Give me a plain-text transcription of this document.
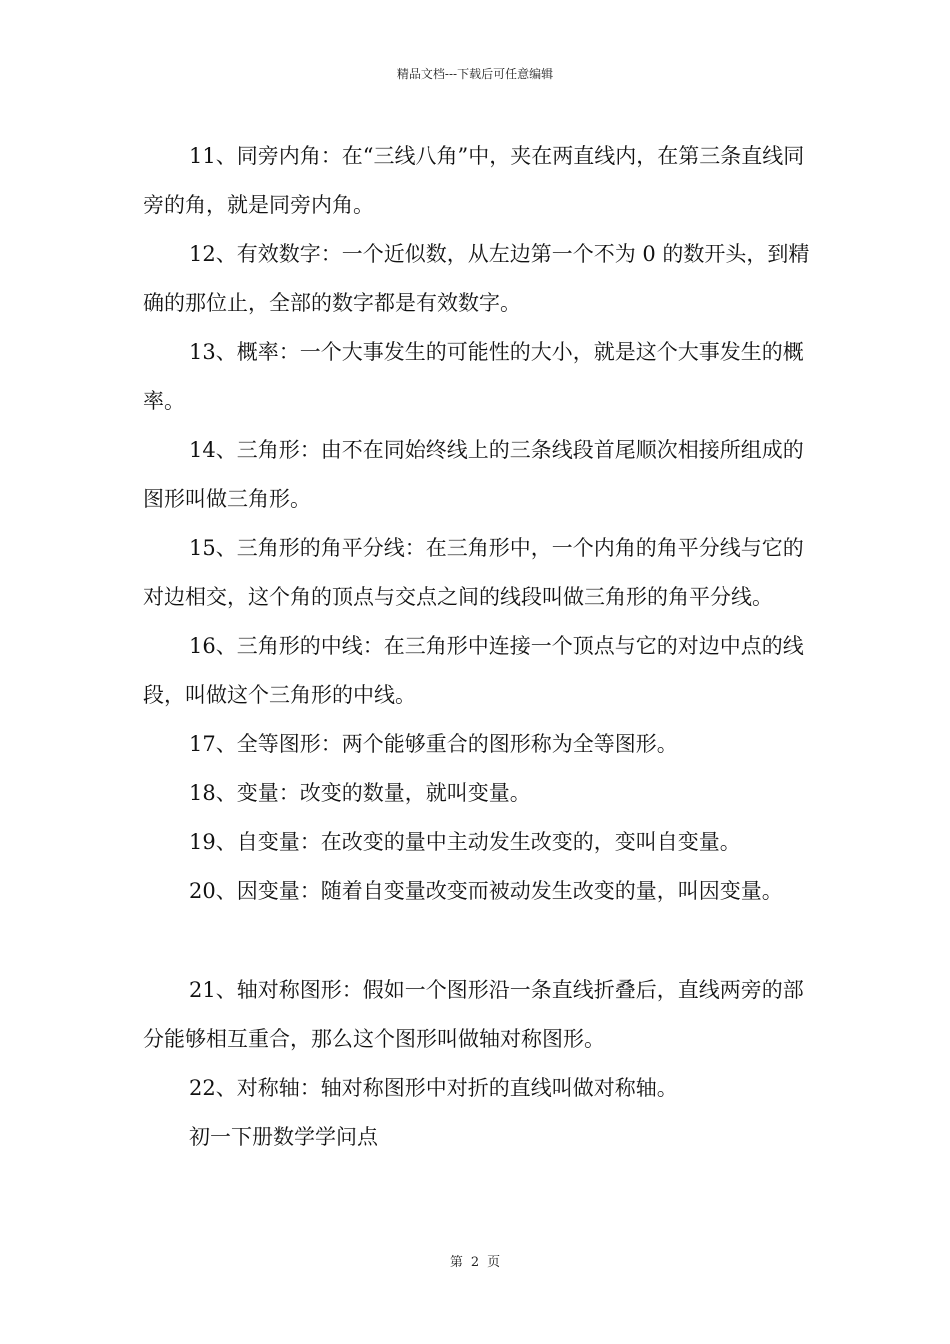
精品文档---下载后可任意编辑

11、同旁内角：在“三线八角”中，夹在两直线内，在第三条直线同旁的角，就是同旁内角。

12、有效数字：一个近似数，从左边第一个不为 0 的数开头，到精确的那位止，全部的数字都是有效数字。

13、概率：一个大事发生的可能性的大小，就是这个大事发生的概率。

14、三角形：由不在同始终线上的三条线段首尾顺次相接所组成的图形叫做三角形。

15、三角形的角平分线：在三角形中，一个内角的角平分线与它的对边相交，这个角的顶点与交点之间的线段叫做三角形的角平分线。

16、三角形的中线：在三角形中连接一个顶点与它的对边中点的线段，叫做这个三角形的中线。

17、全等图形：两个能够重合的图形称为全等图形。

18、变量：改变的数量，就叫变量。

19、自变量：在改变的量中主动发生改变的，变叫自变量。

20、因变量：随着自变量改变而被动发生改变的量，叫因变量。

21、轴对称图形：假如一个图形沿一条直线折叠后，直线两旁的部分能够相互重合，那么这个图形叫做轴对称图形。

22、对称轴：轴对称图形中对折的直线叫做对称轴。

初一下册数学学问点

第 2 页
